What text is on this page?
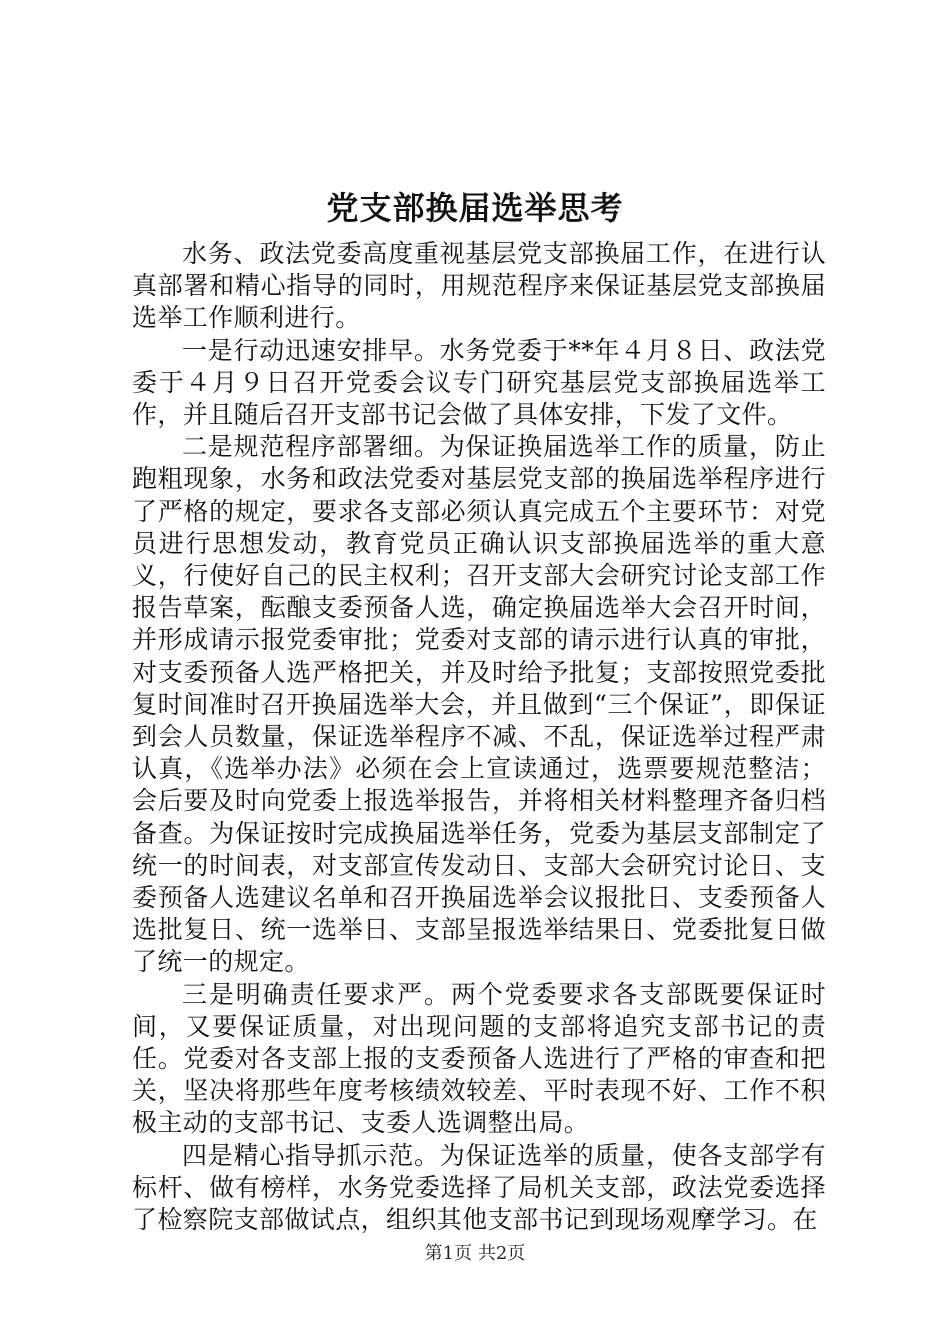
党支部换届选举思考

水务、政法党委高度重视基层党支部换届工作，在进行认真部署和精心指导的同时，用规范程序来保证基层党支部换届选举工作顺利进行。

一是行动迅速安排早。水务党委于**年４月８日、政法党委于４月９日召开党委会议专门研究基层党支部换届选举工作，并且随后召开支部书记会做了具体安排，下发了文件。

二是规范程序部署细。为保证换届选举工作的质量，防止跑粗现象，水务和政法党委对基层党支部的换届选举程序进行了严格的规定，要求各支部必须认真完成五个主要环节：对党员进行思想发动，教育党员正确认识支部换届选举的重大意义，行使好自己的民主权利；召开支部大会研究讨论支部工作报告草案，酝酿支委预备人选，确定换届选举大会召开时间，并形成请示报党委审批；党委对支部的请示进行认真的审批，对支委预备人选严格把关，并及时给予批复；支部按照党委批复时间准时召开换届选举大会，并且做到“三个保证”，即保证到会人员数量，保证选举程序不减、不乱，保证选举过程严肃认真，《选举办法》必须在会上宣读通过，选票要规范整洁；会后要及时向党委上报选举报告，并将相关材料整理齐备归档备查。为保证按时完成换届选举任务，党委为基层支部制定了统一的时间表，对支部宣传发动日、支部大会研究讨论日、支委预备人选建议名单和召开换届选举会议报批日、支委预备人选批复日、统一选举日、支部呈报选举结果日、党委批复日做了统一的规定。

三是明确责任要求严。两个党委要求各支部既要保证时间，又要保证质量，对出现问题的支部将追究支部书记的责任。党委对各支部上报的支委预备人选进行了严格的审查和把关，坚决将那些年度考核绩效较差、平时表现不好、工作不积极主动的支部书记、支委人选调整出局。

四是精心指导抓示范。为保证选举的质量，使各支部学有标杆、做有榜样，水务党委选择了局机关支部，政法党委选择了检察院支部做试点，组织其他支部书记到现场观摩学习。在

第1页 共2页
